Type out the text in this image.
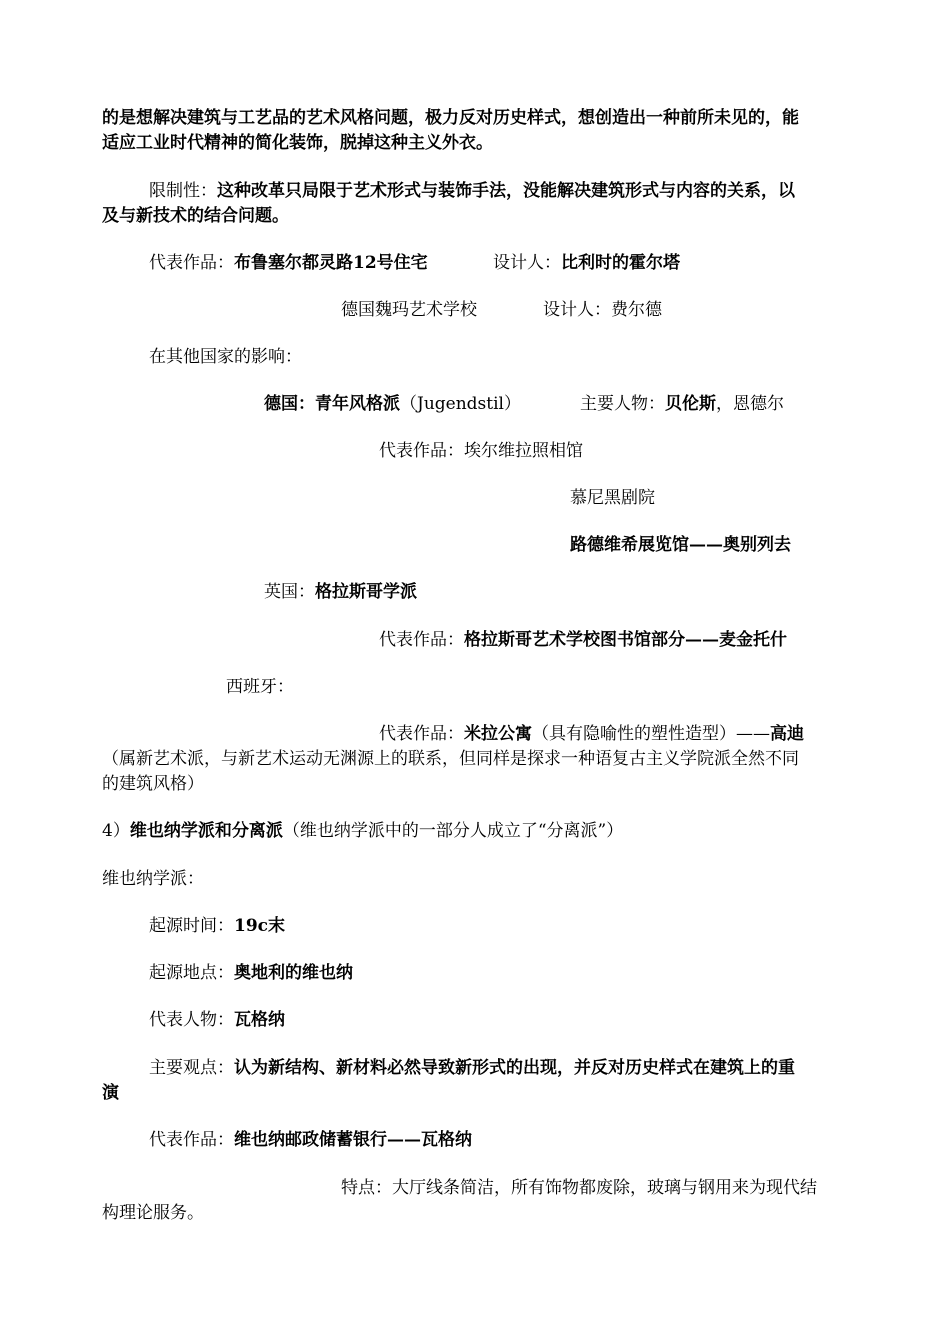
的是想解决建筑与工艺品的艺术风格问题，极力反对历史样式，想创造出一种前所未见的，能
适应工业时代精神的简化装饰，脱掉这种主义外衣。
限制性：这种改革只局限于艺术形式与装饰手法，没能解决建筑形式与内容的关系，以
及与新技术的结合问题。
代表作品：布鲁塞尔都灵路12号住宅	设计人：比利时的霍尔塔
德国魏玛艺术学校	设计人：费尔德
在其他国家的影响：
德国：青年风格派（Jugendstil）	主要人物：贝伦斯，恩德尔
代表作品：埃尔维拉照相馆
慕尼黑剧院
路德维希展览馆——奥别列去
英国：格拉斯哥学派
代表作品：格拉斯哥艺术学校图书馆部分——麦金托什
西班牙：
代表作品：米拉公寓（具有隐喻性的塑性造型）——高迪
（属新艺术派，与新艺术运动无渊源上的联系，但同样是探求一种语复古主义学院派全然不同
的建筑风格）
4）维也纳学派和分离派（维也纳学派中的一部分人成立了“分离派”）
维也纳学派：
起源时间：19c末
起源地点：奥地利的维也纳
代表人物：瓦格纳
主要观点：认为新结构、新材料必然导致新形式的出现，并反对历史样式在建筑上的重
演
代表作品：维也纳邮政储蓄银行——瓦格纳
特点：大厅线条简洁，所有饰物都废除，玻璃与钢用来为现代结
构理论服务。
